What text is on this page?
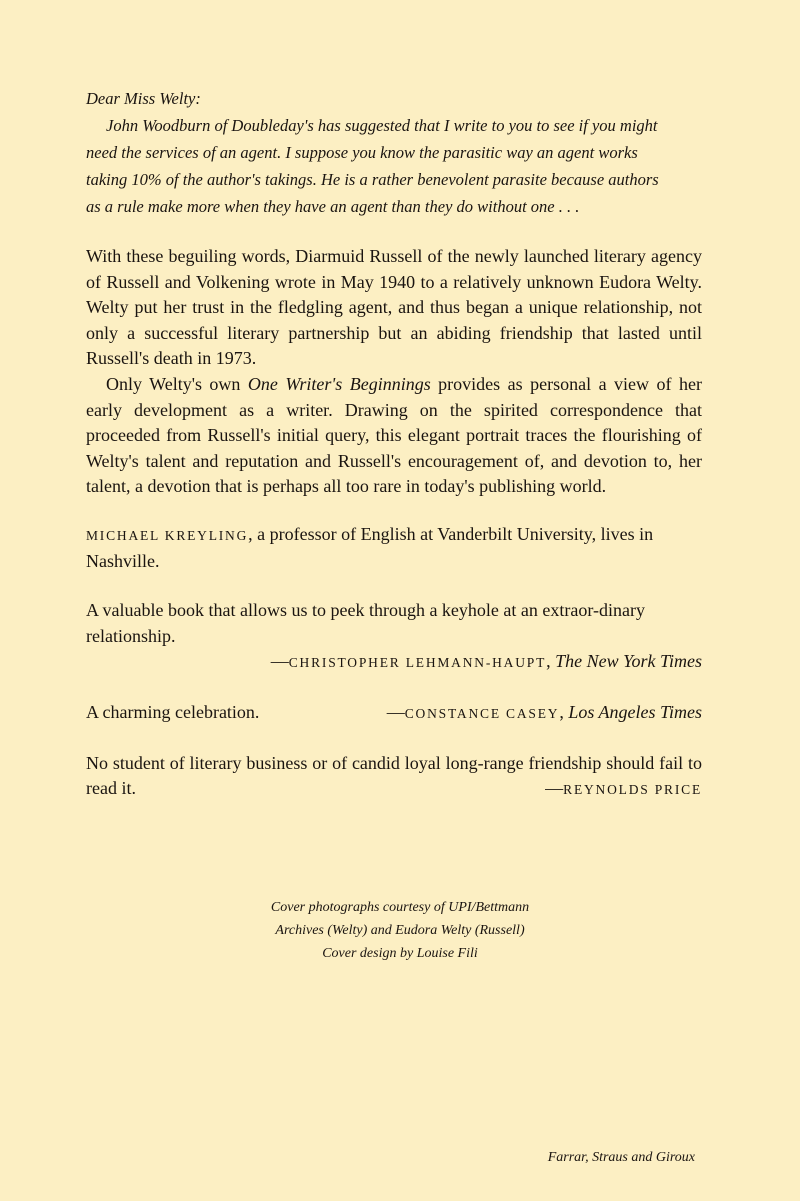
Dear Miss Welty:

John Woodburn of Doubleday's has suggested that I write to you to see if you might

need the services of an agent. I suppose you know the parasitic way an agent works

taking 10% of the author's takings. He is a rather benevolent parasite because authors

as a rule make more when they have an agent than they do without one . . .

With these beguiling words, Diarmuid Russell of the newly launched literary agency of Russell and Volkening wrote in May 1940 to a relatively unknown Eudora Welty. Welty put her trust in the fledgling agent, and thus began a unique relationship, not only a successful literary partnership but an abiding friendship that lasted until Russell's death in 1973.

Only Welty's own One Writer's Beginnings provides as personal a view of her early development as a writer. Drawing on the spirited correspondence that proceeded from Russell's initial query, this elegant portrait traces the flourishing of Welty's talent and reputation and Russell's encouragement of, and devotion to, her talent, a devotion that is perhaps all too rare in today's publishing world.

MICHAEL KREYLING, a professor of English at Vanderbilt University, lives in Nashville.
A valuable book that allows us to peek through a keyhole at an extraor-dinary relationship.
—CHRISTOPHER LEHMANN-HAUPT, The New York Times
A charming celebration.	—CONSTANCE CASEY, Los Angeles Times
No student of literary business or of candid loyal long-range friendship should fail to read it.	—REYNOLDS PRICE
Cover photographs courtesy of UPI/Bettmann
Archives (Welty) and Eudora Welty (Russell)
Cover design by Louise Fili
Farrar, Straus and Giroux
